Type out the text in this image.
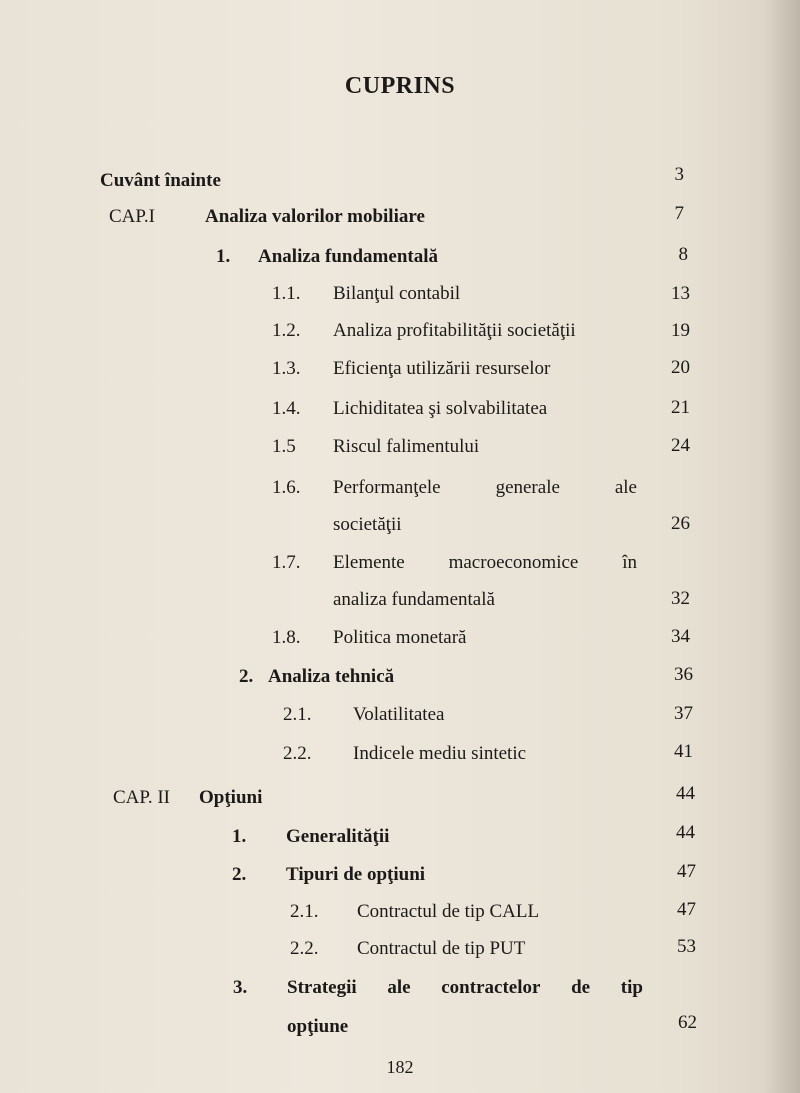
CUPRINS
Cuvânt înainte	3
CAP.I	Analiza valorilor mobiliare	7
1. Analiza fundamentală	8
1.1. Bilanţul contabil	13
1.2. Analiza profitabilităţii societăţii	19
1.3. Eficienţa utilizării resurselor	20
1.4. Lichiditatea şi solvabilitatea	21
1.5 Riscul falimentului	24
1.6. Performanţele	generale	ale
societăţii	26
1.7. Elemente macroeconomice în
analiza fundamentală	32
1.8. Politica monetară	34
2. Analiza tehnică	36
2.1. Volatilitatea	37
2.2. Indicele mediu sintetic	41
CAP. II Opţiuni	44
1. Generalităţii	44
2. Tipuri de opţiuni	47
2.1. Contractul de tip CALL	47
2.2. Contractul de tip PUT	53
3. Strategii ale contractelor de tip
opţiune	62
182
